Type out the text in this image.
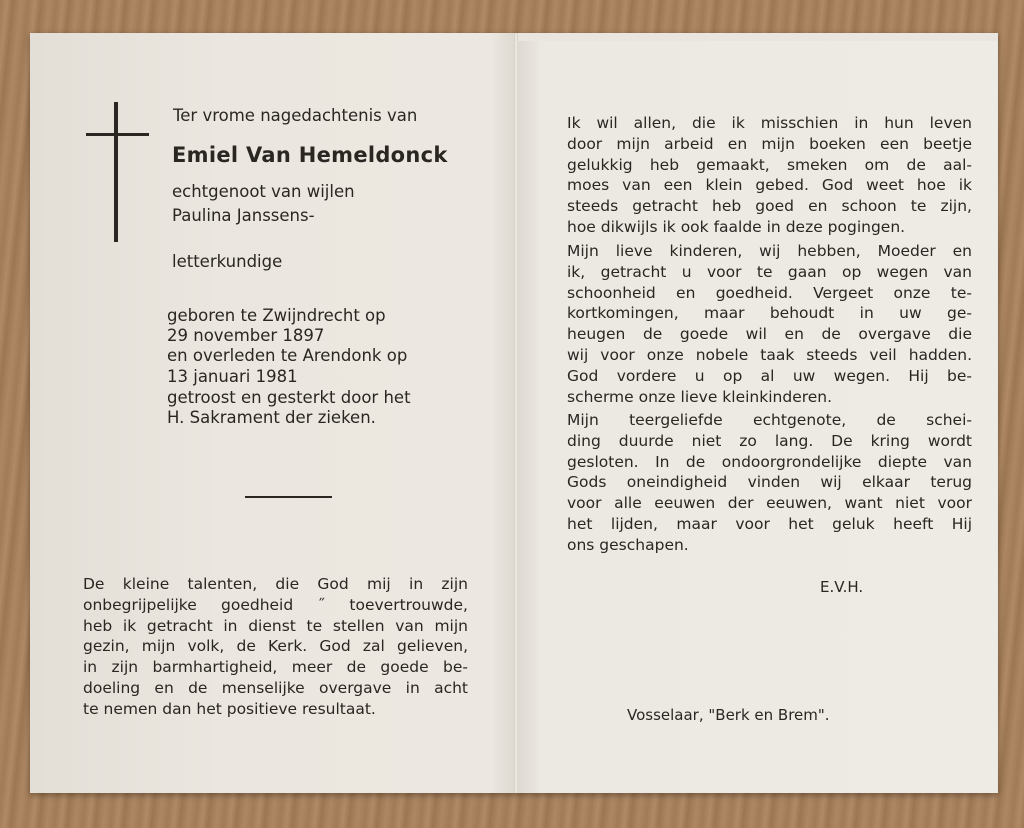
Ter vrome nagedachtenis van
Emiel Van Hemeldonck
echtgenoot van wijlen
Paulina Janssens-
letterkundige
geboren te Zwijndrecht op
29 november 1897
en overleden te Arendonk op
13 januari 1981
getroost en gesterkt door het
H. Sakrament der zieken.

De kleine talenten, die God mij in zijn

onbegrijpelijke goedheid ˝ toevertrouwde,

heb ik getracht in dienst te stellen van mijn

gezin, mijn volk, de Kerk. God zal gelieven,

in zijn barmhartigheid, meer de goede be-

doeling en de menselijke overgave in acht

te nemen dan het positieve resultaat.

Ik wil allen, die ik misschien in hun leven

door mijn arbeid en mijn boeken een beetje

gelukkig heb gemaakt, smeken om de aal-

moes van een klein gebed. God weet hoe ik

steeds getracht heb goed en schoon te zijn,

hoe dikwijls ik ook faalde in deze pogingen.

Mijn lieve kinderen, wij hebben, Moeder en

ik, getracht u voor te gaan op wegen van

schoonheid en goedheid. Vergeet onze te-

kortkomingen, maar behoudt in uw ge-

heugen de goede wil en de overgave die

wij voor onze nobele taak steeds veil hadden.

God vordere u op al uw wegen. Hij be-

scherme onze lieve kleinkinderen.

Mijn teergeliefde echtgenote, de schei-

ding duurde niet zo lang. De kring wordt

gesloten. In de ondoorgrondelijke diepte van

Gods oneindigheid vinden wij elkaar terug

voor alle eeuwen der eeuwen, want niet voor

het lijden, maar voor het geluk heeft Hij

ons geschapen.

E.V.H.
Vosselaar, "Berk en Brem".
